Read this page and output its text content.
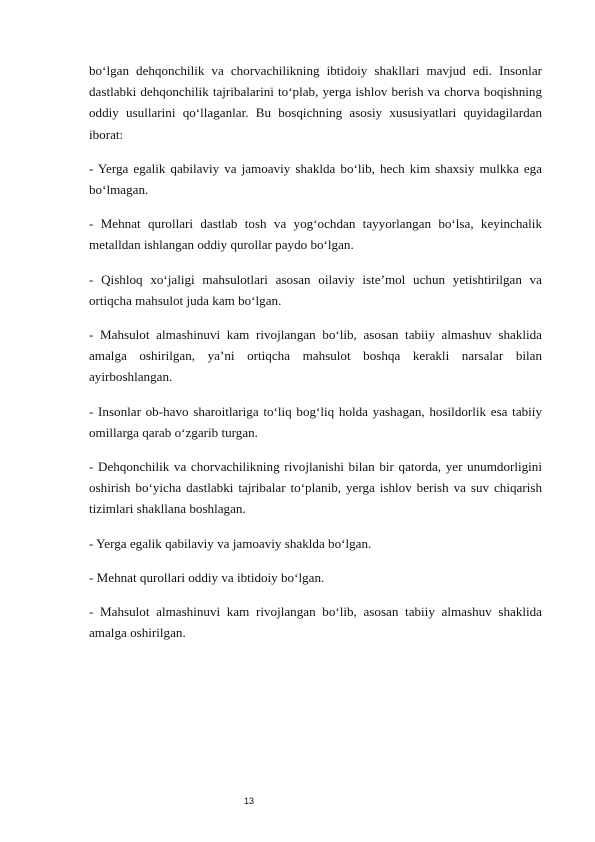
bo‘lgan dehqonchilik va chorvachilikning ibtidoiy shakllari mavjud edi. Insonlar dastlabki dehqonchilik tajribalarini to‘plab, yerga ishlov berish va chorva boqishning oddiy usullarini qo‘llaganlar. Bu bosqichning asosiy xususiyatlari quyidagilardan iborat:

- Yerga egalik qabilaviy va jamoaviy shaklda bo‘lib, hech kim shaxsiy mulkka ega bo‘lmagan.

- Mehnat qurollari dastlab tosh va yog‘ochdan tayyorlangan bo‘lsa, keyinchalik metalldan ishlangan oddiy qurollar paydo bo‘lgan.

- Qishloq xo‘jaligi mahsulotlari asosan oilaviy iste’mol uchun yetishtirilgan va ortiqcha mahsulot juda kam bo‘lgan.

- Mahsulot almashinuvi kam rivojlangan bo‘lib, asosan tabiiy almashuv shaklida amalga oshirilgan, ya’ni ortiqcha mahsulot boshqa kerakli narsalar bilan ayirboshlangan.

- Insonlar ob-havo sharoitlariga to‘liq bog‘liq holda yashagan, hosildorlik esa tabiiy omillarga qarab o‘zgarib turgan.

- Dehqonchilik va chorvachilikning rivojlanishi bilan bir qatorda, yer unumdorligini oshirish bo‘yicha dastlabki tajribalar to‘planib, yerga ishlov berish va suv chiqarish tizimlari shakllana boshlagan.

- Yerga egalik qabilaviy va jamoaviy shaklda bo‘lgan.

- Mehnat qurollari oddiy va ibtidoiy bo‘lgan.

- Mahsulot almashinuvi kam rivojlangan bo‘lib, asosan tabiiy almashuv shaklida amalga oshirilgan.

13
